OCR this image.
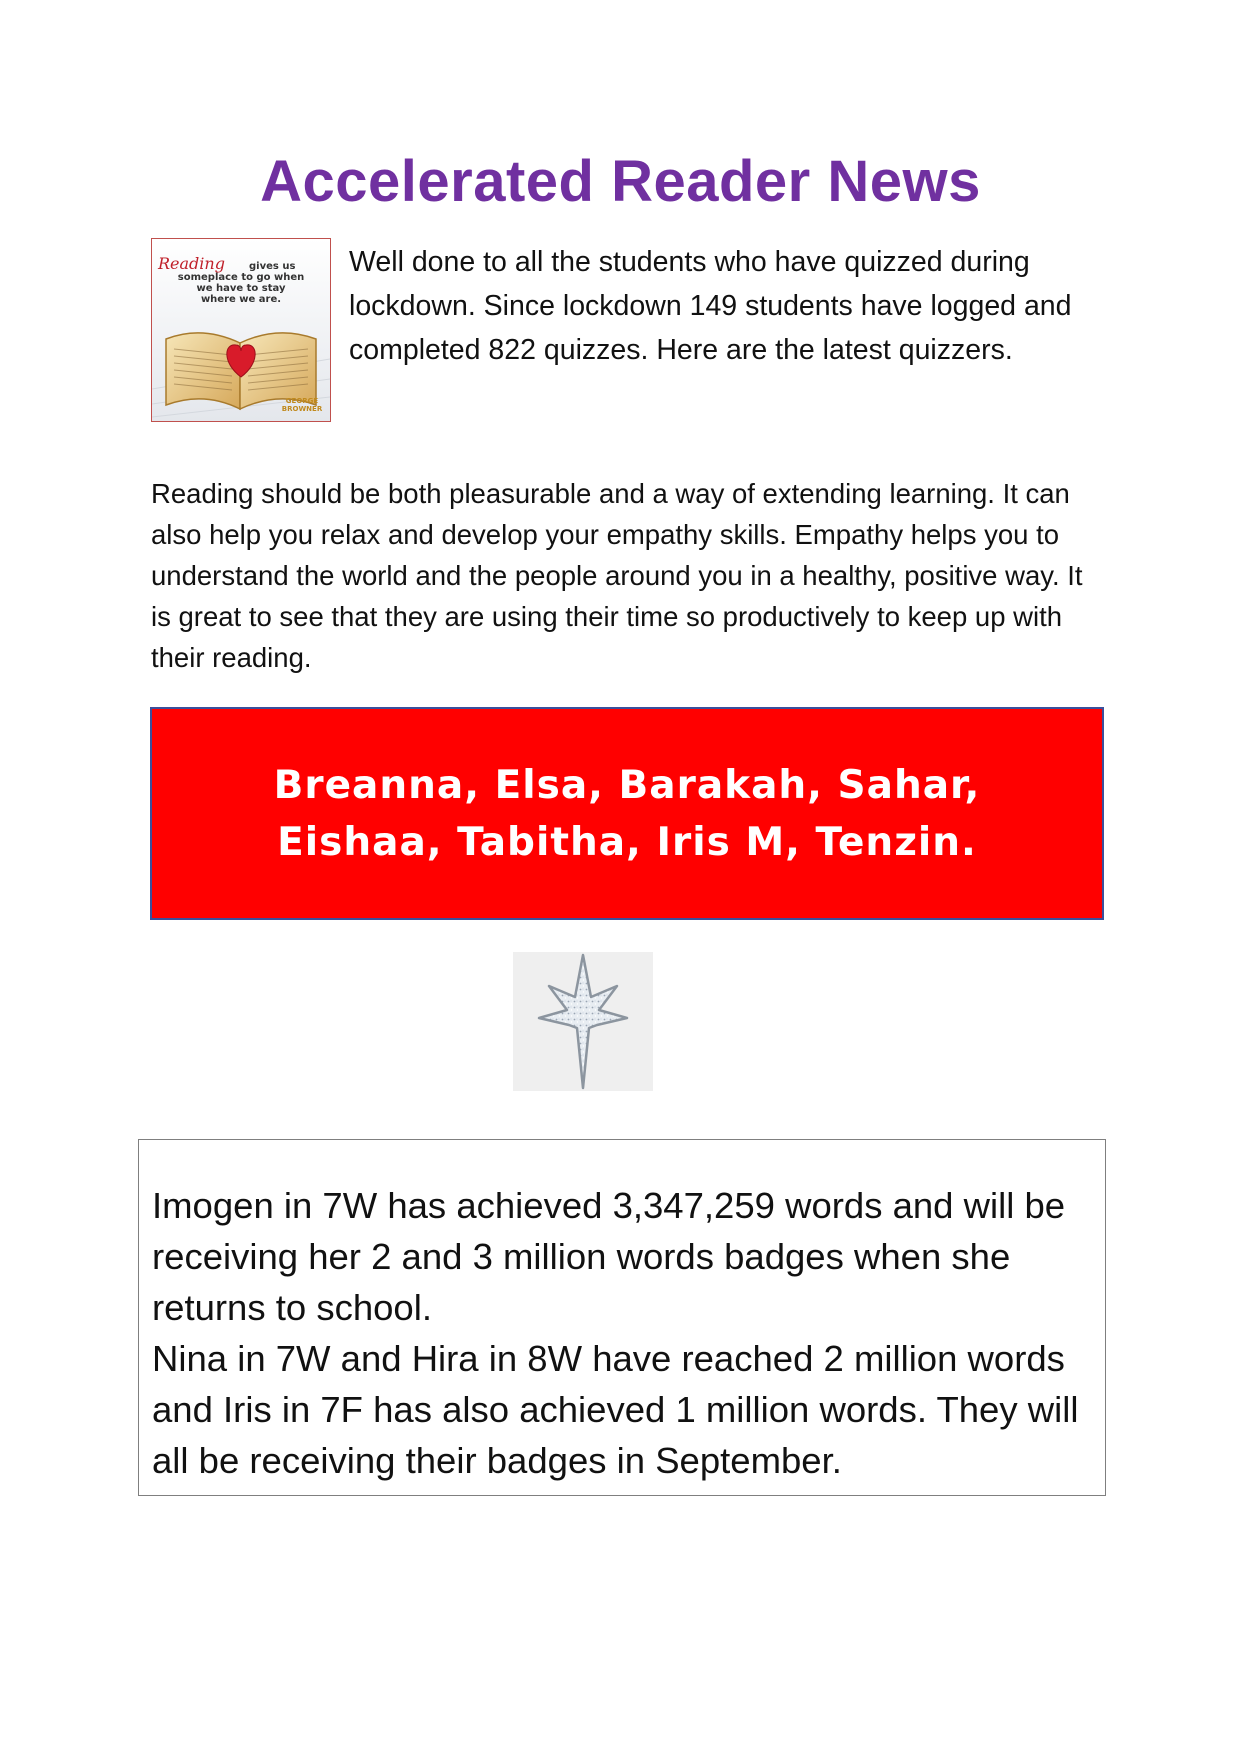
Accelerated Reader News
Reading gives us
someplace to go when
we have to stay
where we are.
GEORGE
BROWNER
Well done to all the students who have quizzed during lockdown. Since lockdown 149 students have logged and completed 822 quizzes. Here are the latest quizzers.
Reading should be both pleasurable and a way of extending learning. It can also help you relax and develop your empathy skills. Empathy helps you to understand the world and the people around you in a healthy, positive way. It is great to see that they are using their time so productively to keep up with their reading.
Breanna, Elsa, Barakah, Sahar,
Eishaa, Tabitha, Iris M, Tenzin.
Imogen in 7W has achieved 3,347,259 words and will be receiving her 2 and 3 million words badges when she returns to school.
Nina in 7W and Hira in 8W have reached 2 million words and Iris in 7F has also achieved 1 million words. They will all be receiving their badges in September.
